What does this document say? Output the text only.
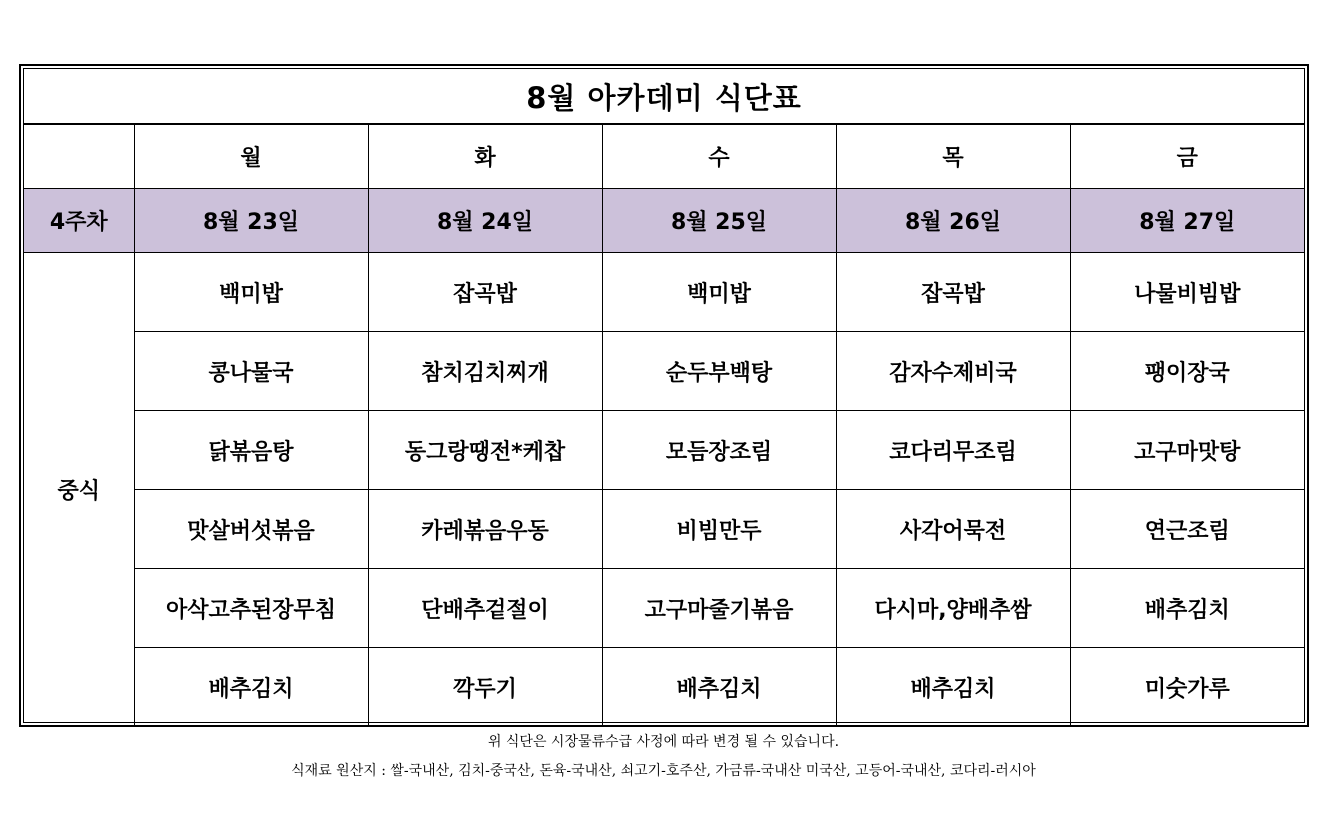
8월 아카데미 식단표
	월	화	수	목	금
4주차	8월 23일	8월 24일	8월 25일	8월 26일	8월 27일
중식	백미밥	잡곡밥	백미밥	잡곡밥	나물비빔밥
	콩나물국	참치김치찌개	순두부백탕	감자수제비국	팽이장국
	닭볶음탕	동그랑땡전*케찹	모듬장조림	코다리무조림	고구마맛탕
	맛살버섯볶음	카레볶음우동	비빔만두	사각어묵전	연근조림
	아삭고추된장무침	단배추겉절이	고구마줄기볶음	다시마,양배추쌈	배추김치
	배추김치	깍두기	배추김치	배추김치	미숫가루
위 식단은 시장물류수급 사정에 따라 변경 될 수 있습니다.
식재료 원산지 : 쌀-국내산, 김치-중국산, 돈육-국내산, 쇠고기-호주산, 가금류-국내산 미국산, 고등어-국내산, 코다리-러시아
